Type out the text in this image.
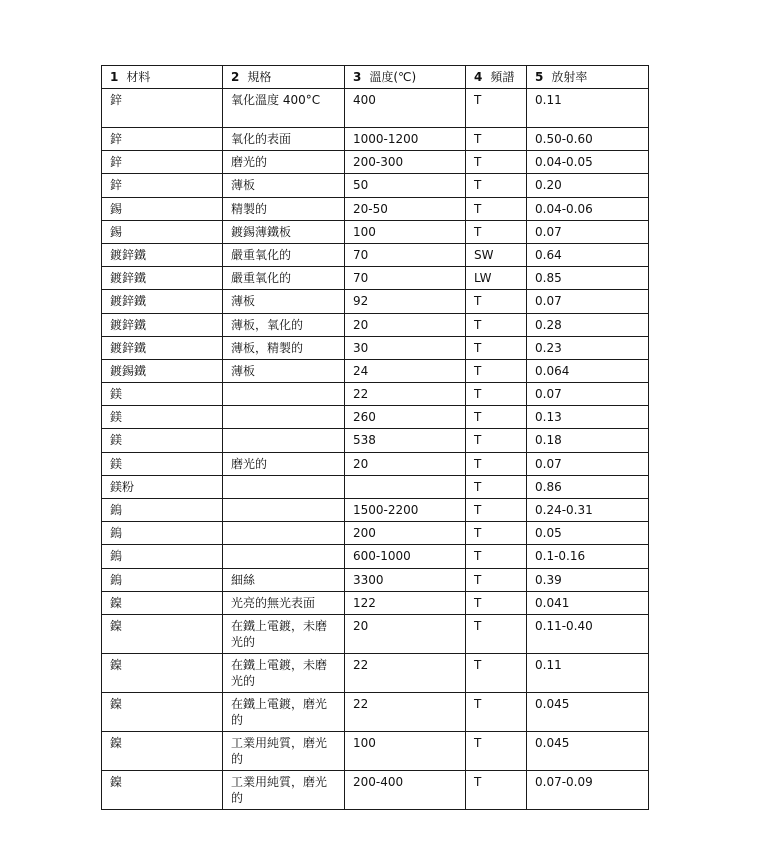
1 材料	2 規格	3 溫度(℃)	4 頻譜	5 放射率
鋅	氧化溫度 400°C	400	T	0.11
鋅	氧化的表面	1000-1200	T	0.50-0.60
鋅	磨光的	200-300	T	0.04-0.05
鋅	薄板	50	T	0.20
錫	精製的	20-50	T	0.04-0.06
錫	鍍錫薄鐵板	100	T	0.07
鍍鋅鐵	嚴重氧化的	70	SW	0.64
鍍鋅鐵	嚴重氧化的	70	LW	0.85
鍍鋅鐵	薄板	92	T	0.07
鍍鋅鐵	薄板，氧化的	20	T	0.28
鍍鋅鐵	薄板，精製的	30	T	0.23
鍍錫鐵	薄板	24	T	0.064
鎂		22	T	0.07
鎂		260	T	0.13
鎂		538	T	0.18
鎂	磨光的	20	T	0.07
鎂粉			T	0.86
鎢		1500-2200	T	0.24-0.31
鎢		200	T	0.05
鎢		600-1000	T	0.1-0.16
鎢	細絲	3300	T	0.39
鎳	光亮的無光表面	122	T	0.041
鎳	在鐵上電鍍，未磨光的	20	T	0.11-0.40
鎳	在鐵上電鍍，未磨光的	22	T	0.11
鎳	在鐵上電鍍，磨光的	22	T	0.045
鎳	工業用純質，磨光的	100	T	0.045
鎳	工業用純質，磨光的	200-400	T	0.07-0.09
